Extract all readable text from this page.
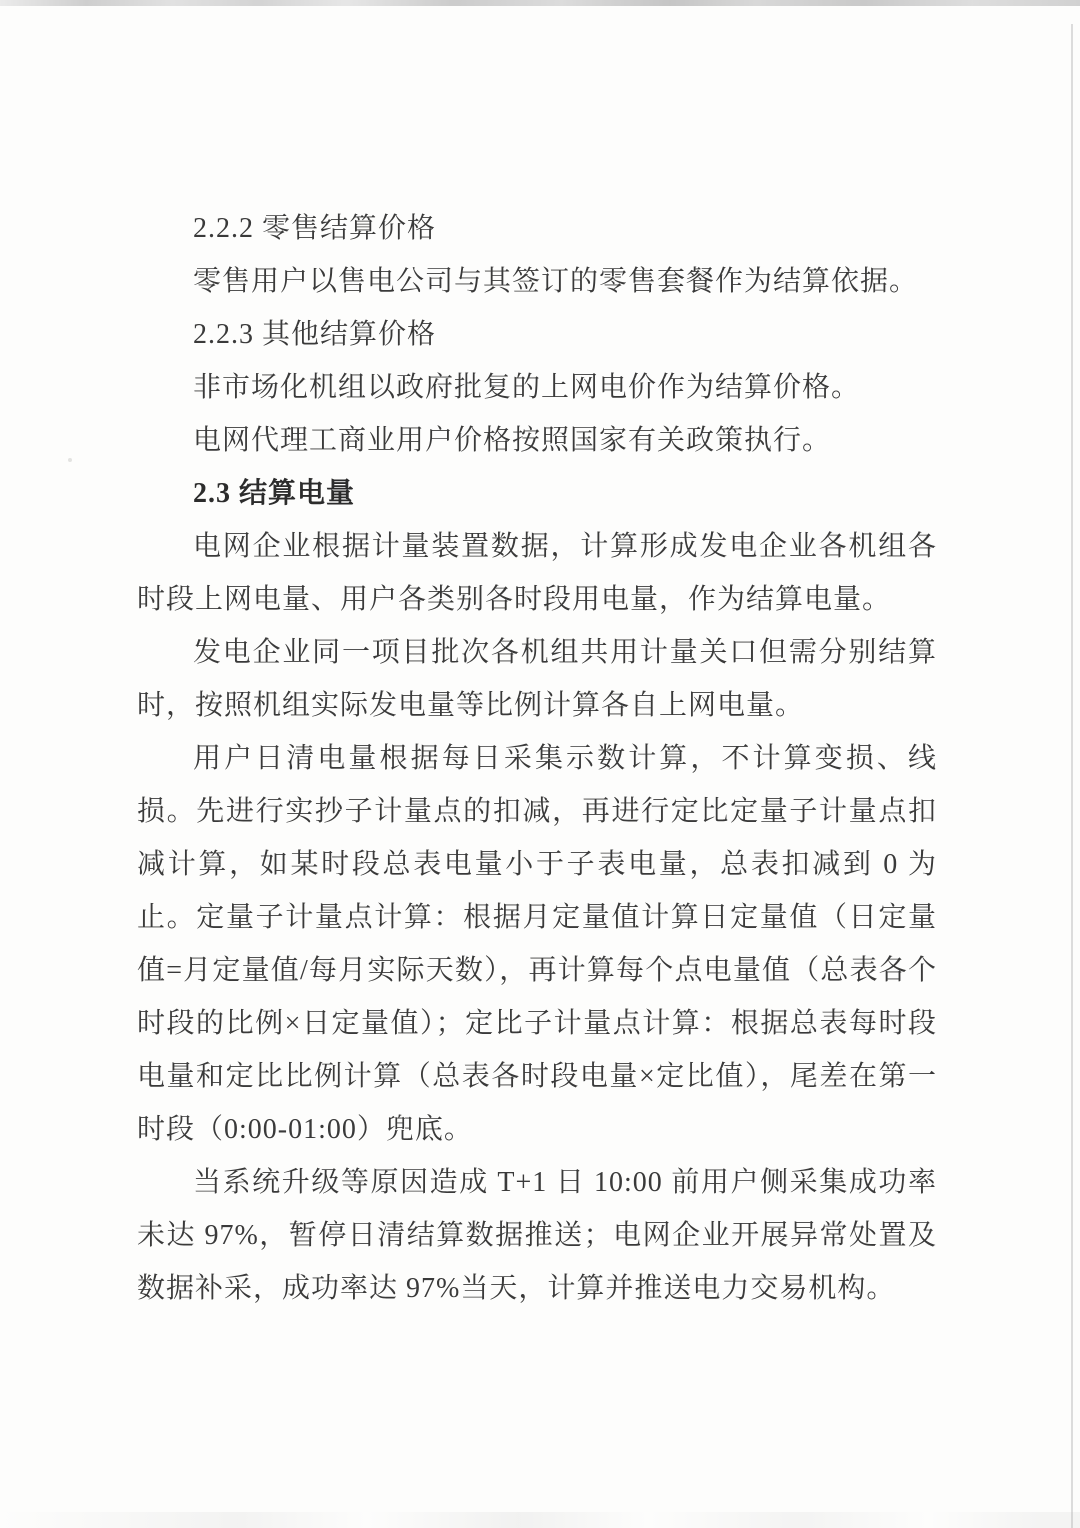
2.2.2 零售结算价格
零售用户以售电公司与其签订的零售套餐作为结算依据。
2.2.3 其他结算价格
非市场化机组以政府批复的上网电价作为结算价格。
电网代理工商业用户价格按照国家有关政策执行。
2.3 结算电量
电网企业根据计量装置数据，计算形成发电企业各机组各时段上网电量、用户各类别各时段用电量，作为结算电量。
发电企业同一项目批次各机组共用计量关口但需分别结算时，按照机组实际发电量等比例计算各自上网电量。
用户日清电量根据每日采集示数计算，不计算变损、线损。先进行实抄子计量点的扣减，再进行定比定量子计量点扣减计算，如某时段总表电量小于子表电量，总表扣减到 0 为止。定量子计量点计算：根据月定量值计算日定量值（日定量值=月定量值/每月实际天数），再计算每个点电量值（总表各个时段的比例×日定量值）；定比子计量点计算：根据总表每时段电量和定比比例计算（总表各时段电量×定比值），尾差在第一时段（0:00-01:00）兜底。
当系统升级等原因造成 T+1 日 10:00 前用户侧采集成功率未达 97%，暂停日清结算数据推送；电网企业开展异常处置及数据补采，成功率达 97%当天，计算并推送电力交易机构。
